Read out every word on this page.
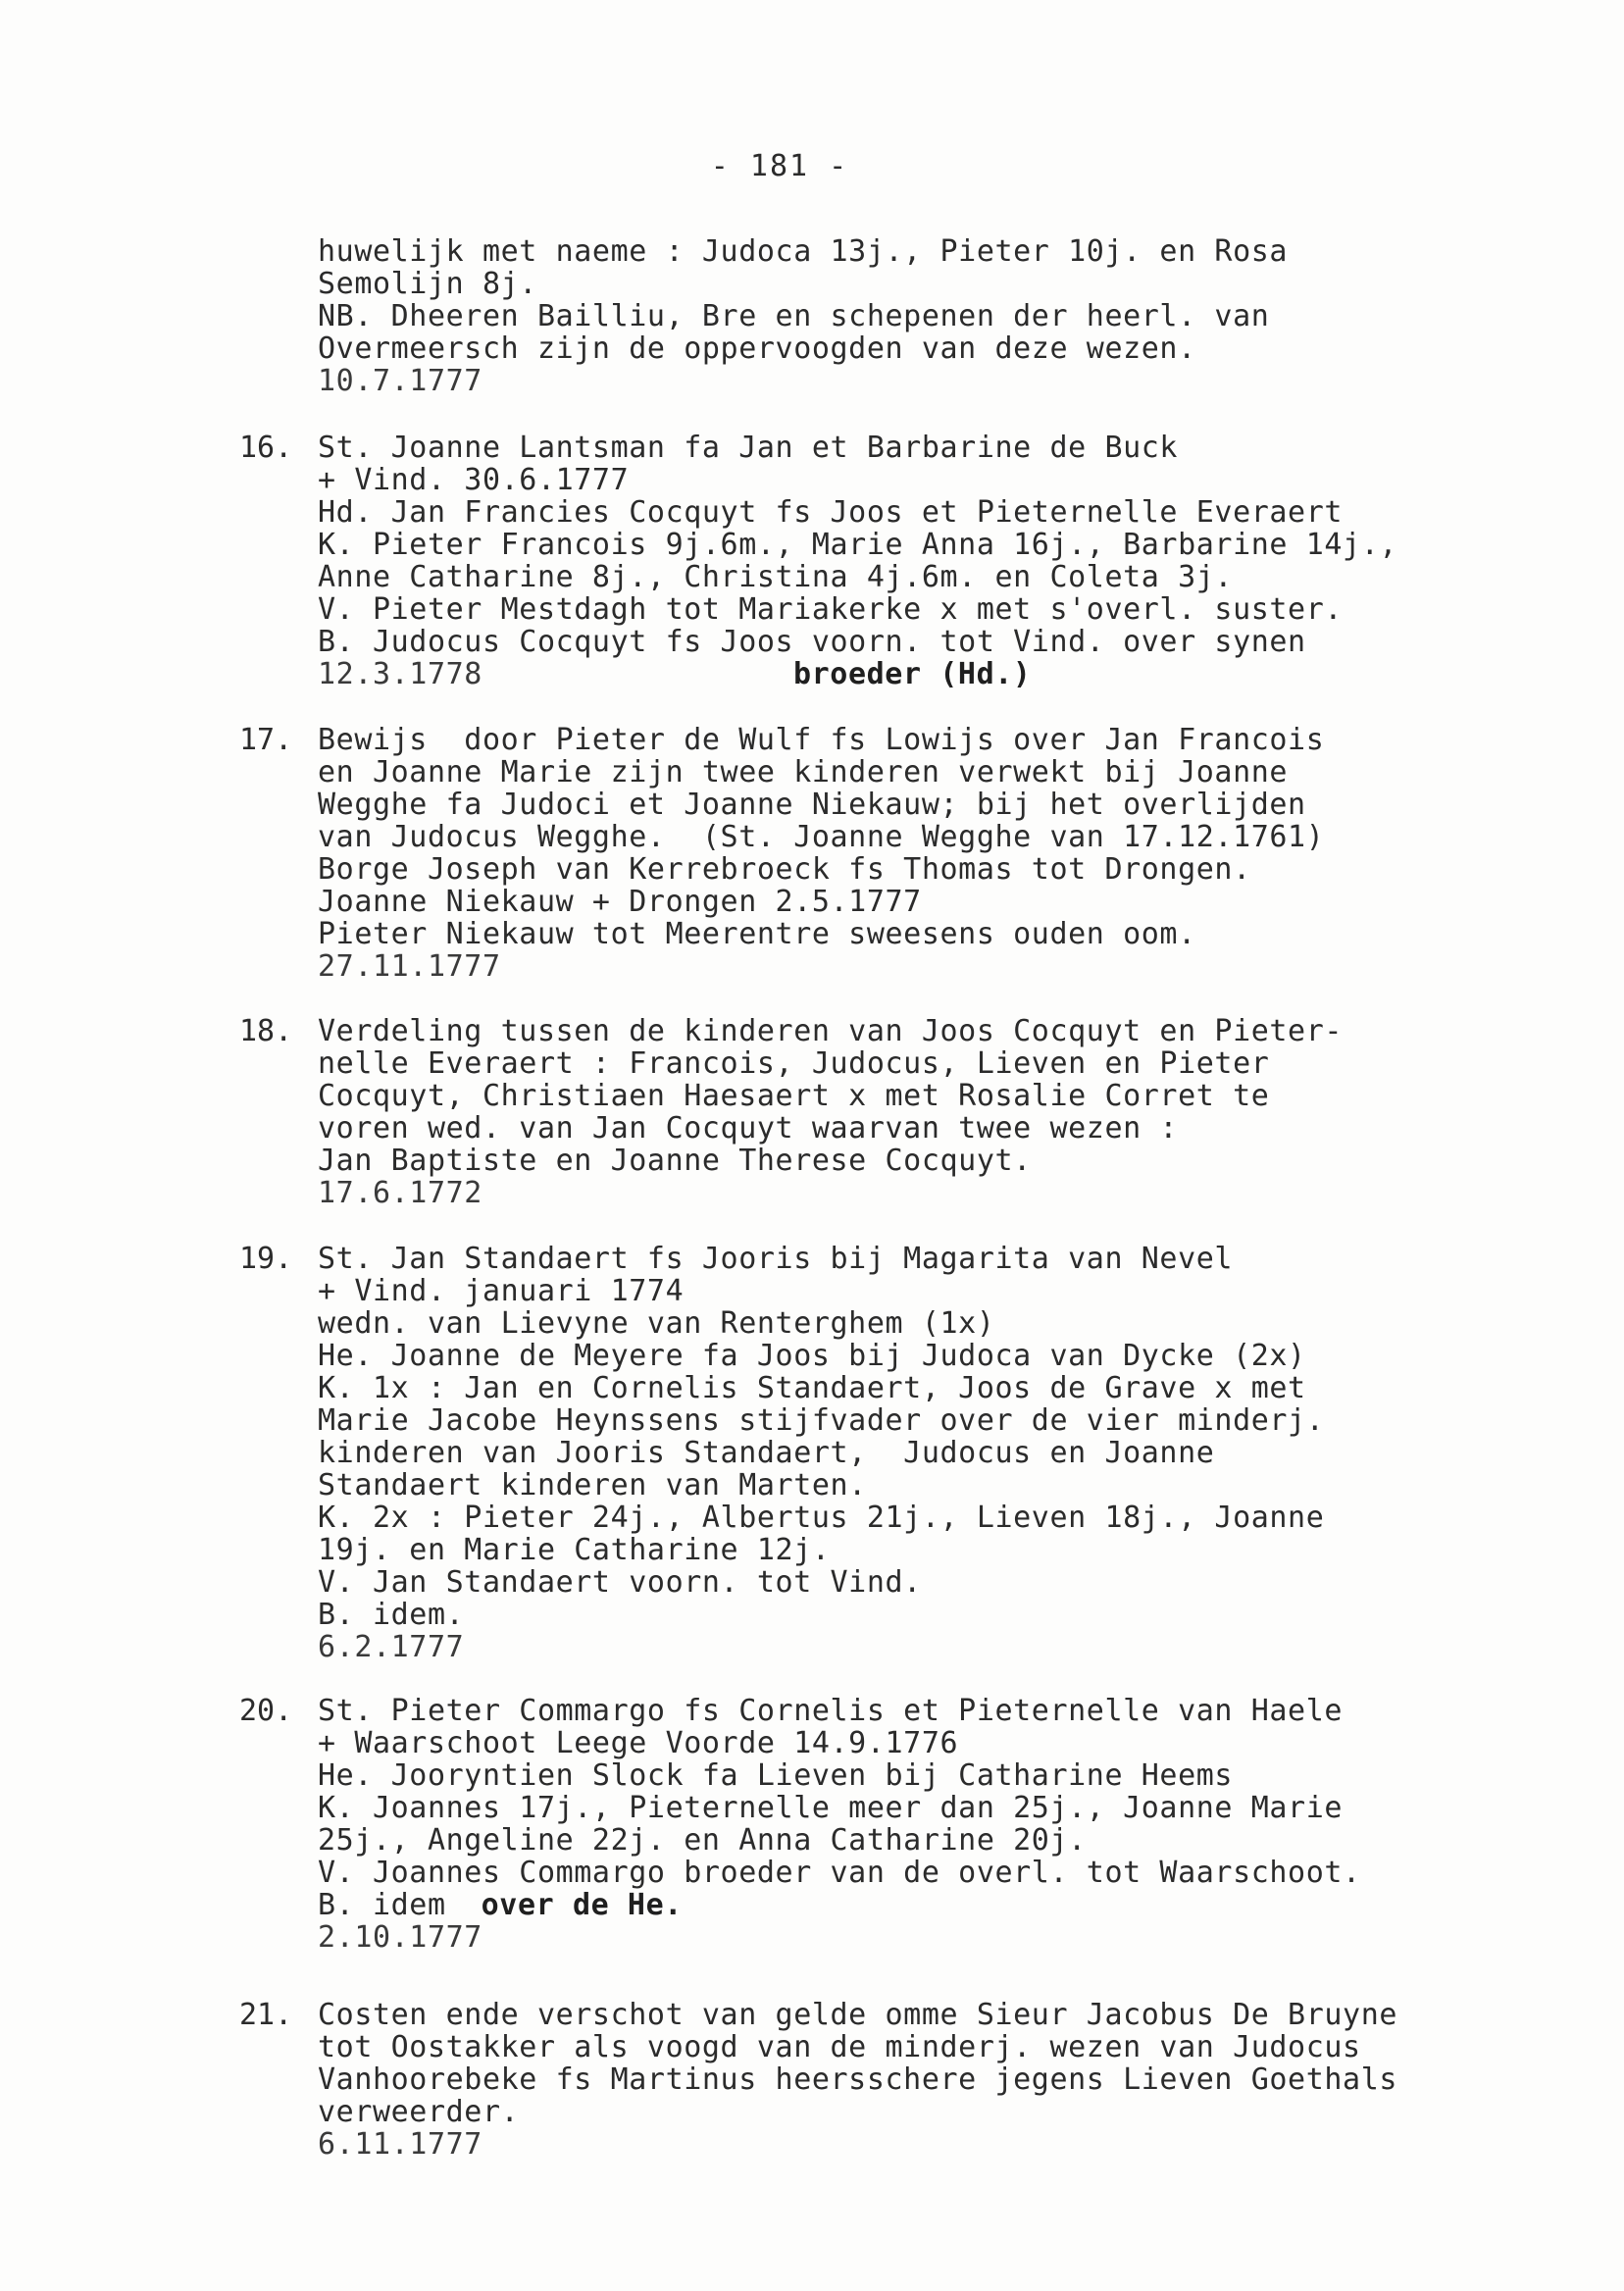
- 181 -
huwelijk met naeme : Judoca 13j., Pieter 10j. en Rosa
Semolijn 8j.
NB. Dheeren Bailliu, Bre en schepenen der heerl. van
Overmeersch zijn de oppervoogden van deze wezen.
10.7.1777
16. St. Joanne Lantsman fa Jan et Barbarine de Buck
+ Vind. 30.6.1777
Hd. Jan Francies Cocquyt fs Joos et Pieternelle Everaert
K. Pieter Francois 9j.6m., Marie Anna 16j., Barbarine 14j.,
Anne Catharine 8j., Christina 4j.6m. en Coleta 3j.
V. Pieter Mestdagh tot Mariakerke x met s'overl. suster.
B. Judocus Cocquyt fs Joos voorn. tot Vind. over synen
12.3.1778	broeder (Hd.)
17. Bewijs  door Pieter de Wulf fs Lowijs over Jan Francois
en Joanne Marie zijn twee kinderen verwekt bij Joanne
Wegghe fa Judoci et Joanne Niekauw; bij het overlijden
van Judocus Wegghe.  (St. Joanne Wegghe van 17.12.1761)
Borge Joseph van Kerrebroeck fs Thomas tot Drongen.
Joanne Niekauw + Drongen 2.5.1777
Pieter Niekauw tot Meerentre sweesens ouden oom.
27.11.1777
18. Verdeling tussen de kinderen van Joos Cocquyt en Pieter-
nelle Everaert : Francois, Judocus, Lieven en Pieter
Cocquyt, Christiaen Haesaert x met Rosalie Corret te
voren wed. van Jan Cocquyt waarvan twee wezen :
Jan Baptiste en Joanne Therese Cocquyt.
17.6.1772
19. St. Jan Standaert fs Jooris bij Magarita van Nevel
+ Vind. januari 1774
wedn. van Lievyne van Renterghem (1x)
He. Joanne de Meyere fa Joos bij Judoca van Dycke (2x)
K. 1x : Jan en Cornelis Standaert, Joos de Grave x met
Marie Jacobe Heynssens stijfvader over de vier minderj.
kinderen van Jooris Standaert,  Judocus en Joanne
Standaert kinderen van Marten.
K. 2x : Pieter 24j., Albertus 21j., Lieven 18j., Joanne
19j. en Marie Catharine 12j.
V. Jan Standaert voorn. tot Vind.
B. idem.
6.2.1777
20. St. Pieter Commargo fs Cornelis et Pieternelle van Haele
+ Waarschoot Leege Voorde 14.9.1776
He. Jooryntien Slock fa Lieven bij Catharine Heems
K. Joannes 17j., Pieternelle meer dan 25j., Joanne Marie
25j., Angeline 22j. en Anna Catharine 20j.
V. Joannes Commargo broeder van de overl. tot Waarschoot.
B. idem over de He.
2.10.1777
21. Costen ende verschot van gelde omme Sieur Jacobus De Bruyne
tot Oostakker als voogd van de minderj. wezen van Judocus
Vanhoorebeke fs Martinus heersschere jegens Lieven Goethals
verweerder.
6.11.1777
